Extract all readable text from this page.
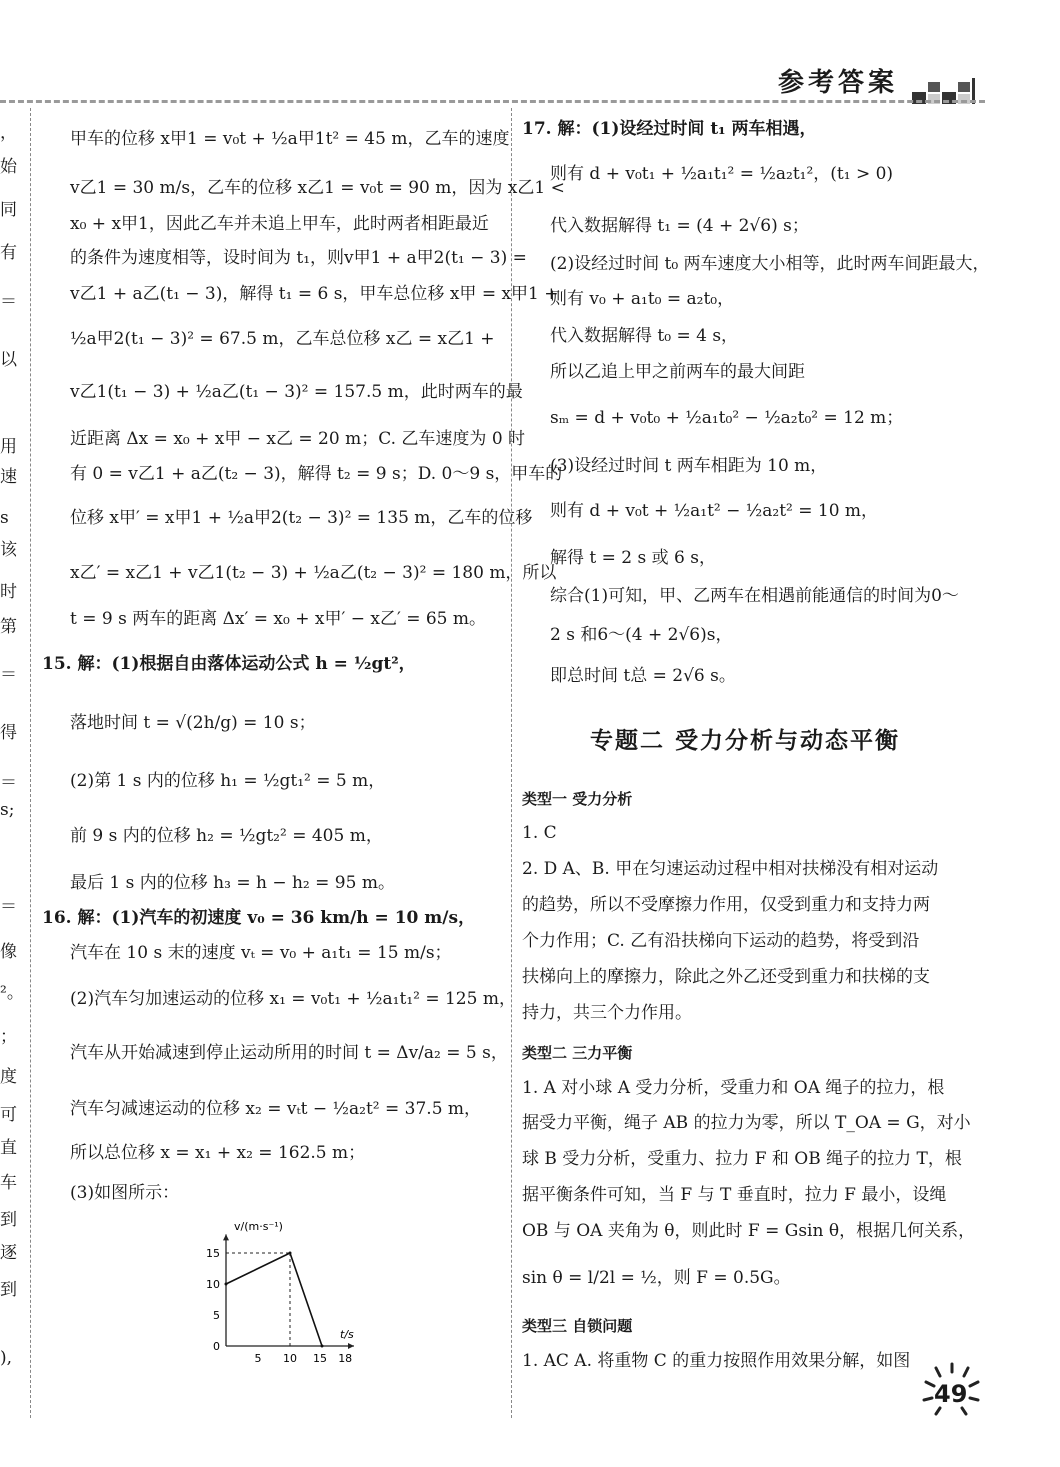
参考答案
，
始
同
有
＝
以
用
速
s
该
时
第
＝
得
＝
s;
＝
像
²。
；
度
可
直
车
到
逐
到
),
甲车的位移 x甲1 = v₀t + ½a甲1t² = 45 m，乙车的速度
v乙1 = 30 m/s，乙车的位移 x乙1 = v₀t = 90 m，因为 x乙1 <
x₀ + x甲1，因此乙车并未追上甲车，此时两者相距最近
的条件为速度相等，设时间为 t₁，则v甲1 + a甲2(t₁ − 3) =
v乙1 + a乙(t₁ − 3)，解得 t₁ = 6 s，甲车总位移 x甲 = x甲1 +
½a甲2(t₁ − 3)² = 67.5 m，乙车总位移 x乙 = x乙1 +
v乙1(t₁ − 3) + ½a乙(t₁ − 3)² = 157.5 m，此时两车的最
近距离 Δx = x₀ + x甲 − x乙 = 20 m；C. 乙车速度为 0 时
有 0 = v乙1 + a乙(t₂ − 3)，解得 t₂ = 9 s；D. 0～9 s，甲车的
位移 x甲′ = x甲1 + ½a甲2(t₂ − 3)² = 135 m，乙车的位移
x乙′ = x乙1 + v乙1(t₂ − 3) + ½a乙(t₂ − 3)² = 180 m，所以
t = 9 s 两车的距离 Δx′ = x₀ + x甲′ − x乙′ = 65 m。
15. 解：(1)根据自由落体运动公式 h = ½gt²，
落地时间 t = √(2h/g) = 10 s；
(2)第 1 s 内的位移 h₁ = ½gt₁² = 5 m，
前 9 s 内的位移 h₂ = ½gt₂² = 405 m，
最后 1 s 内的位移 h₃ = h − h₂ = 95 m。
16. 解：(1)汽车的初速度 v₀ = 36 km/h = 10 m/s，
汽车在 10 s 末的速度 vₜ = v₀ + a₁t₁ = 15 m/s；
(2)汽车匀加速运动的位移 x₁ = v₀t₁ + ½a₁t₁² = 125 m，
汽车从开始减速到停止运动所用的时间 t = Δv/a₂ = 5 s，
汽车匀减速运动的位移 x₂ = vₜt − ½a₂t² = 37.5 m，
所以总位移 x = x₁ + x₂ = 162.5 m；
(3)如图所示：
17. 解：(1)设经过时间 t₁ 两车相遇，
则有 d + v₀t₁ + ½a₁t₁² = ½a₂t₁²，(t₁ > 0)
代入数据解得 t₁ = (4 + 2√6) s；
(2)设经过时间 t₀ 两车速度大小相等，此时两车间距最大，
则有 v₀ + a₁t₀ = a₂t₀，
代入数据解得 t₀ = 4 s，
所以乙追上甲之前两车的最大间距
sₘ = d + v₀t₀ + ½a₁t₀² − ½a₂t₀² = 12 m；
(3)设经过时间 t 两车相距为 10 m，
则有 d + v₀t + ½a₁t² − ½a₂t² = 10 m，
解得 t = 2 s 或 6 s，
综合(1)可知，甲、乙两车在相遇前能通信的时间为0～
2 s 和6～(4 + 2√6)s，
即总时间 t总 = 2√6 s。
专题二 受力分析与动态平衡
类型一 受力分析
1. C
2. D A、B. 甲在匀速运动过程中相对扶梯没有相对运动
的趋势，所以不受摩擦力作用，仅受到重力和支持力两
个力作用；C. 乙有沿扶梯向下运动的趋势，将受到沿
扶梯向上的摩擦力，除此之外乙还受到重力和扶梯的支
持力，共三个力作用。
类型二 三力平衡
1. A 对小球 A 受力分析，受重力和 OA 绳子的拉力，根
据受力平衡，绳子 AB 的拉力为零，所以 T_OA = G，对小
球 B 受力分析，受重力、拉力 F 和 OB 绳子的拉力 T，根
据平衡条件可知，当 F 与 T 垂直时，拉力 F 最小，设绳
OB 与 OA 夹角为 θ，则此时 F = Gsin θ，根据几何关系，
sin θ = l/2l = ½，则 F = 0.5G。
类型三 自锁问题
1. AC A. 将重物 C 的重力按照作用效果分解，如图
5 10 15 18
0
5
10
15
v/(m·s⁻¹)
t/s
49
